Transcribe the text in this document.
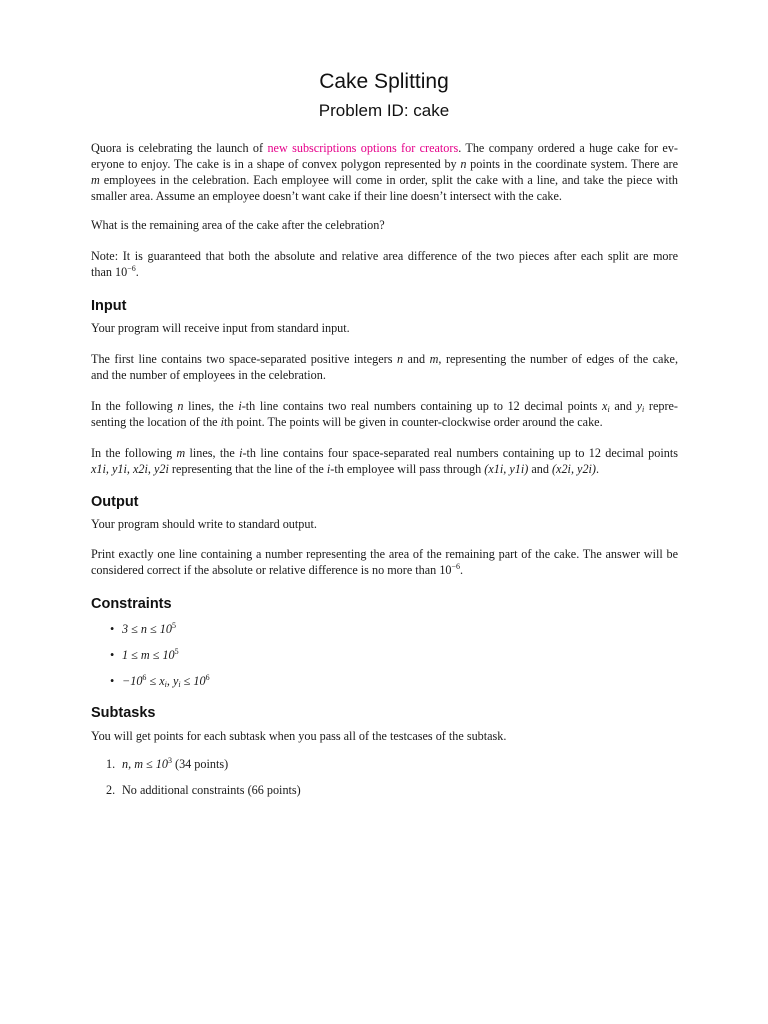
Cake Splitting
Problem ID: cake
Quora is celebrating the launch of new subscriptions options for creators. The company ordered a huge cake for ev-
eryone to enjoy. The cake is in a shape of convex polygon represented by n points in the coordinate system. There are
m employees in the celebration. Each employee will come in order, split the cake with a line, and take the piece with
smaller area. Assume an employee doesn’t want cake if their line doesn’t intersect with the cake.
What is the remaining area of the cake after the celebration?
Note: It is guaranteed that both the absolute and relative area difference of the two pieces after each split are more
than $10^{-6}$.
Input
Your program will receive input from standard input.
The first line contains two space-separated positive integers n and m, representing the number of edges of the cake,
and the number of employees in the celebration.
In the following n lines, the i-th line contains two real numbers containing up to 12 decimal points $x_i$ and $y_i$ repre-
senting the location of the ith point. The points will be given in counter-clockwise order around the cake.
In the following m lines, the i-th line contains four space-separated real numbers containing up to 12 decimal points
x1i, y1i, x2i, y2i representing that the line of the i-th employee will pass through (x1i, y1i) and (x2i, y2i).
Output
Your program should write to standard output.
Print exactly one line containing a number representing the area of the remaining part of the cake. The answer will be
considered correct if the absolute or relative difference is no more than $10^{-6}$.
Constraints
• $3 \le n \le 10^5$
• $1 \le m \le 10^5$
• $-10^6 \le x_i$, $y_i \le 10^6$
Subtasks
You will get points for each subtask when you pass all of the testcases of the subtask.
1. n, $m \le 10^3$ (34 points)
2. No additional constraints (66 points)
